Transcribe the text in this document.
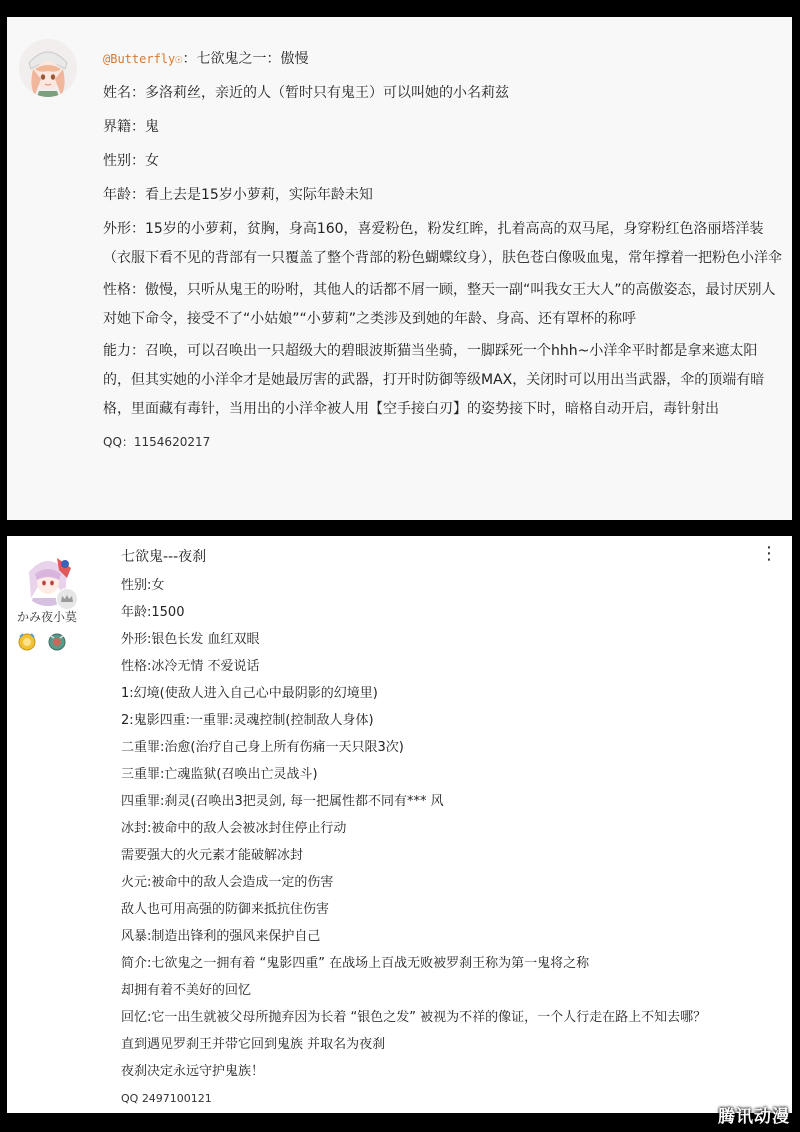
@Butterfly☉：七欲鬼之一：傲慢

姓名：多洛莉丝，亲近的人（暂时只有鬼王）可以叫她的小名莉兹

界籍：鬼

性别：女

年龄：看上去是15岁小萝莉，实际年龄未知

外形：15岁的小萝莉，贫胸，身高160，喜爱粉色，粉发红眸，扎着高高的双马尾，身穿粉红色洛丽塔洋装（衣服下看不见的背部有一只覆盖了整个背部的粉色蝴蝶纹身），肤色苍白像吸血鬼，常年撑着一把粉色小洋伞

性格：傲慢，只听从鬼王的吩咐，其他人的话都不屑一顾，整天一副“叫我女王大人”的高傲姿态，最讨厌别人对她下命令，接受不了“小姑娘”“小萝莉”之类涉及到她的年龄、身高、还有罩杯的称呼

能力：召唤，可以召唤出一只超级大的碧眼波斯猫当坐骑，一脚踩死一个hhh~小洋伞平时都是拿来遮太阳的，但其实她的小洋伞才是她最厉害的武器，打开时防御等级MAX，关闭时可以用出当武器，伞的顶端有暗格，里面藏有毒针，当用出的小洋伞被人用【空手接白刃】的姿势接下时，暗格自动开启，毒针射出

QQ：1154620217

かみ夜小莫
⋮

七欲鬼---夜刹

性别:女

年龄:1500

外形:银色长发 血红双眼

性格:冰冷无情 不爱说话

1:幻境(使敌人进入自己心中最阴影的幻境里)

2:鬼影四重:一重罪:灵魂控制(控制敌人身体)

二重罪:治愈(治疗自己身上所有伤痛一天只限3次)

三重罪:亡魂监狱(召唤出亡灵战斗)

四重罪:刹灵(召唤出3把灵剑, 每一把属性都不同有*** 风

冰封:被命中的敌人会被冰封住停止行动

需要强大的火元素才能破解冰封

火元:被命中的敌人会造成一定的伤害

敌人也可用高强的防御来抵抗住伤害

风暴:制造出锋利的强风来保护自己

简介:七欲鬼之一拥有着 “鬼影四重” 在战场上百战无败被罗刹王称为第一鬼将之称

却拥有着不美好的回忆

回忆:它一出生就被父母所抛弃因为长着 “银色之发” 被视为不祥的像证，一个人行走在路上不知去哪？

直到遇见罗刹王并带它回到鬼族 并取名为夜刹

夜刹决定永远守护鬼族！

QQ 2497100121

腾讯动漫
